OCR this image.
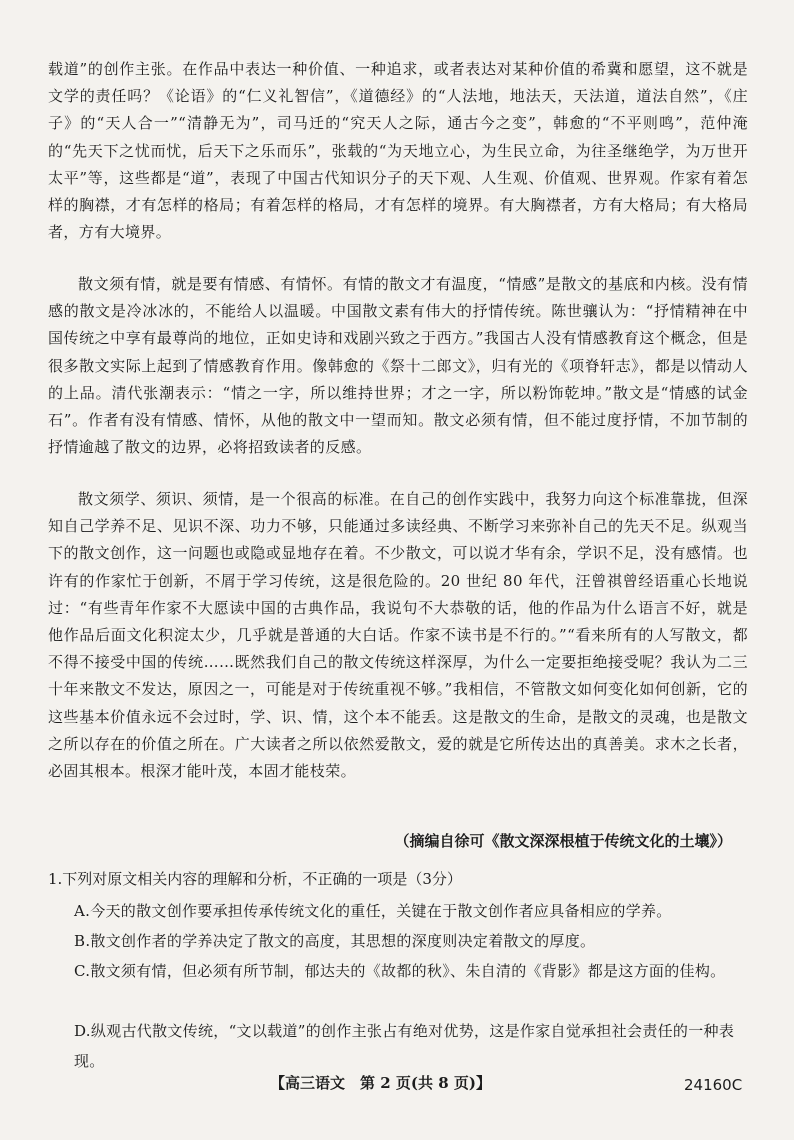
载道”的创作主张。在作品中表达一种价值、一种追求，或者表达对某种价值的希冀和愿望，这不就是文学的责任吗？《论语》的“仁义礼智信”，《道德经》的“人法地，地法天，天法道，道法自然”，《庄子》的“天人合一”“清静无为”，司马迁的“究天人之际，通古今之变”，韩愈的“不平则鸣”，范仲淹的“先天下之忧而忧，后天下之乐而乐”，张载的“为天地立心，为生民立命，为往圣继绝学，为万世开太平”等，这些都是“道”，表现了中国古代知识分子的天下观、人生观、价值观、世界观。作家有着怎样的胸襟，才有怎样的格局；有着怎样的格局，才有怎样的境界。有大胸襟者，方有大格局；有大格局者，方有大境界。

散文须有情，就是要有情感、有情怀。有情的散文才有温度，“情感”是散文的基底和内核。没有情感的散文是冷冰冰的，不能给人以温暖。中国散文素有伟大的抒情传统。陈世骧认为：“抒情精神在中国传统之中享有最尊尚的地位，正如史诗和戏剧兴致之于西方。”我国古人没有情感教育这个概念，但是很多散文实际上起到了情感教育作用。像韩愈的《祭十二郎文》，归有光的《项脊轩志》，都是以情动人的上品。清代张潮表示：“情之一字，所以维持世界；才之一字，所以粉饰乾坤。”散文是“情感的试金石”。作者有没有情感、情怀，从他的散文中一望而知。散文必须有情，但不能过度抒情，不加节制的抒情逾越了散文的边界，必将招致读者的反感。

散文须学、须识、须情，是一个很高的标准。在自己的创作实践中，我努力向这个标准靠拢，但深知自己学养不足、见识不深、功力不够，只能通过多读经典、不断学习来弥补自己的先天不足。纵观当下的散文创作，这一问题也或隐或显地存在着。不少散文，可以说才华有余，学识不足，没有感情。也许有的作家忙于创新，不屑于学习传统，这是很危险的。20 世纪 80 年代，汪曾祺曾经语重心长地说过：“有些青年作家不大愿读中国的古典作品，我说句不大恭敬的话，他的作品为什么语言不好，就是他作品后面文化积淀太少，几乎就是普通的大白话。作家不读书是不行的。”“看来所有的人写散文，都不得不接受中国的传统……既然我们自己的散文传统这样深厚，为什么一定要拒绝接受呢？我认为二三十年来散文不发达，原因之一，可能是对于传统重视不够。”我相信，不管散文如何变化如何创新，它的这些基本价值永远不会过时，学、识、情，这个本不能丢。这是散文的生命，是散文的灵魂，也是散文之所以存在的价值之所在。广大读者之所以依然爱散文，爱的就是它所传达出的真善美。求木之长者，必固其根本。根深才能叶茂，本固才能枝荣。

（摘编自徐可《散文深深根植于传统文化的土壤》）
1.下列对原文相关内容的理解和分析，不正确的一项是（3分）
A.今天的散文创作要承担传承传统文化的重任，关键在于散文创作者应具备相应的学养。
B.散文创作者的学养决定了散文的高度，其思想的深度则决定着散文的厚度。
C.散文须有情，但必须有所节制，郁达夫的《故都的秋》、朱自清的《背影》都是这方面的佳构。
D.纵观古代散文传统，“文以载道”的创作主张占有绝对优势，这是作家自觉承担社会责任的一种表现。
【高三语文　第 2 页(共 8 页)】	24160C
